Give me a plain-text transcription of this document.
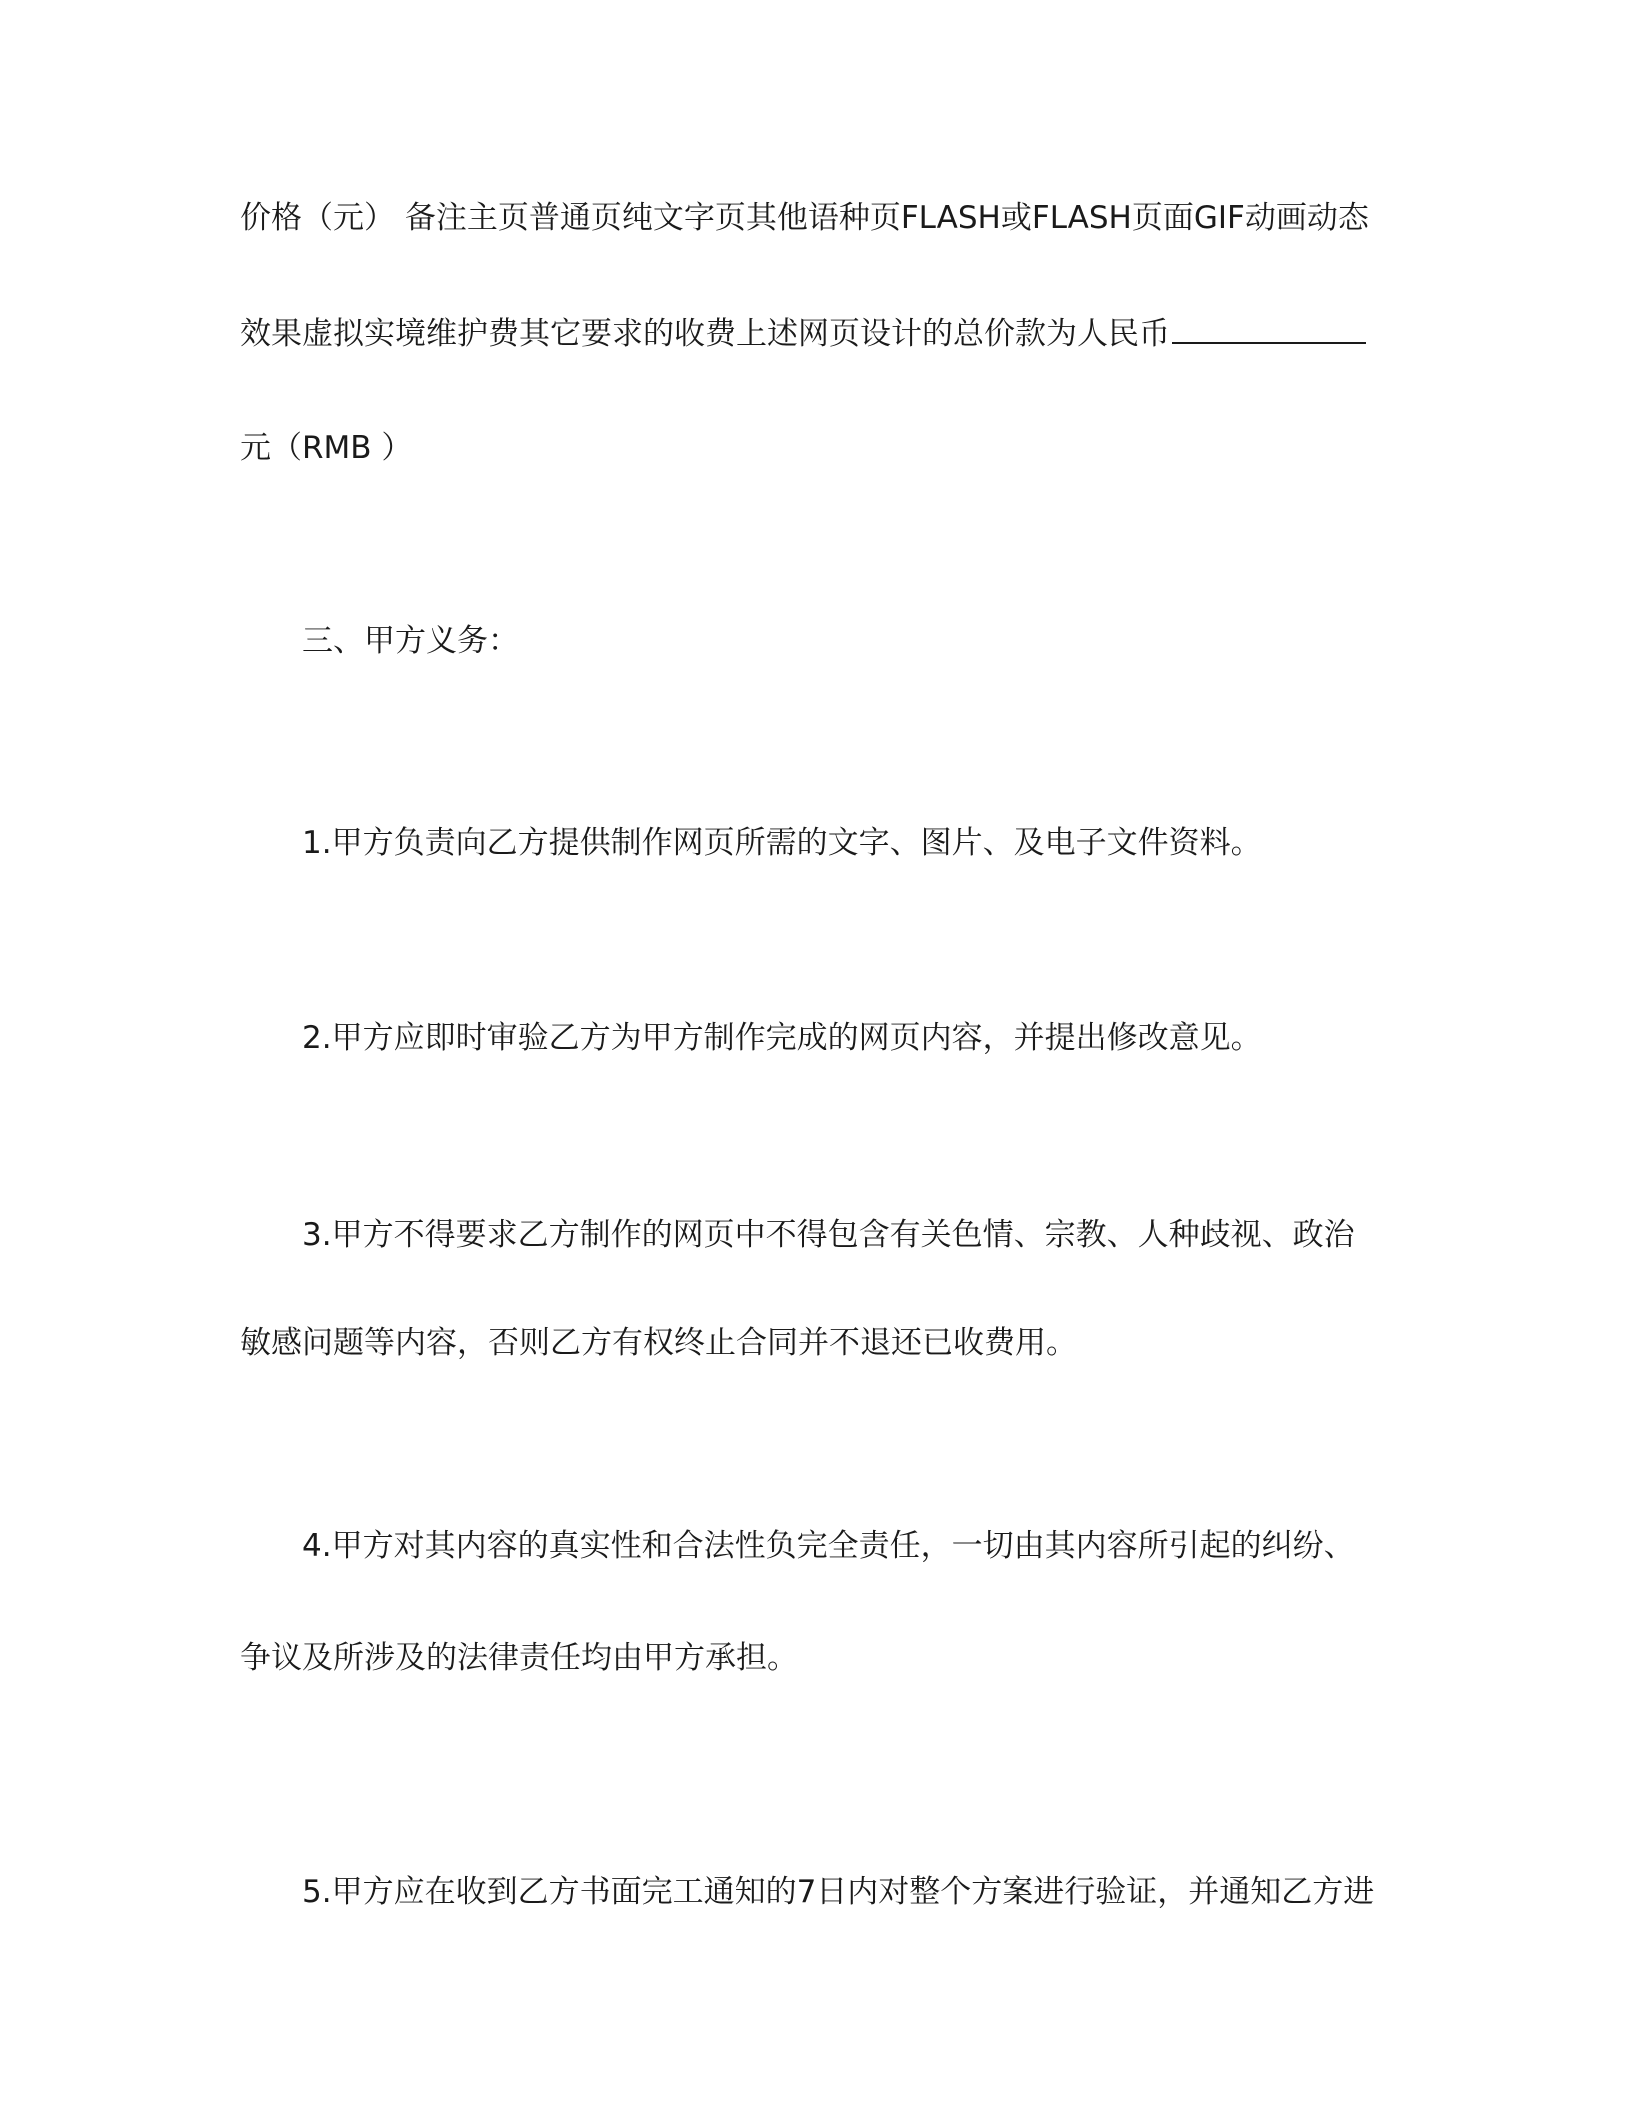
价格（元） 备注主页普通页纯文字页其他语种页FLASH或FLASH页面GIF动画动态
效果虚拟实境维护费其它要求的收费上述网页设计的总价款为人民币
元（RMB ）
三、甲方义务：
1.甲方负责向乙方提供制作网页所需的文字、图片、及电子文件资料。
2.甲方应即时审验乙方为甲方制作完成的网页内容，并提出修改意见。
3.甲方不得要求乙方制作的网页中不得包含有关色情、宗教、人种歧视、政治
敏感问题等内容，否则乙方有权终止合同并不退还已收费用。
4.甲方对其内容的真实性和合法性负完全责任，一切由其内容所引起的纠纷、
争议及所涉及的法律责任均由甲方承担。
5.甲方应在收到乙方书面完工通知的7日内对整个方案进行验证，并通知乙方进
